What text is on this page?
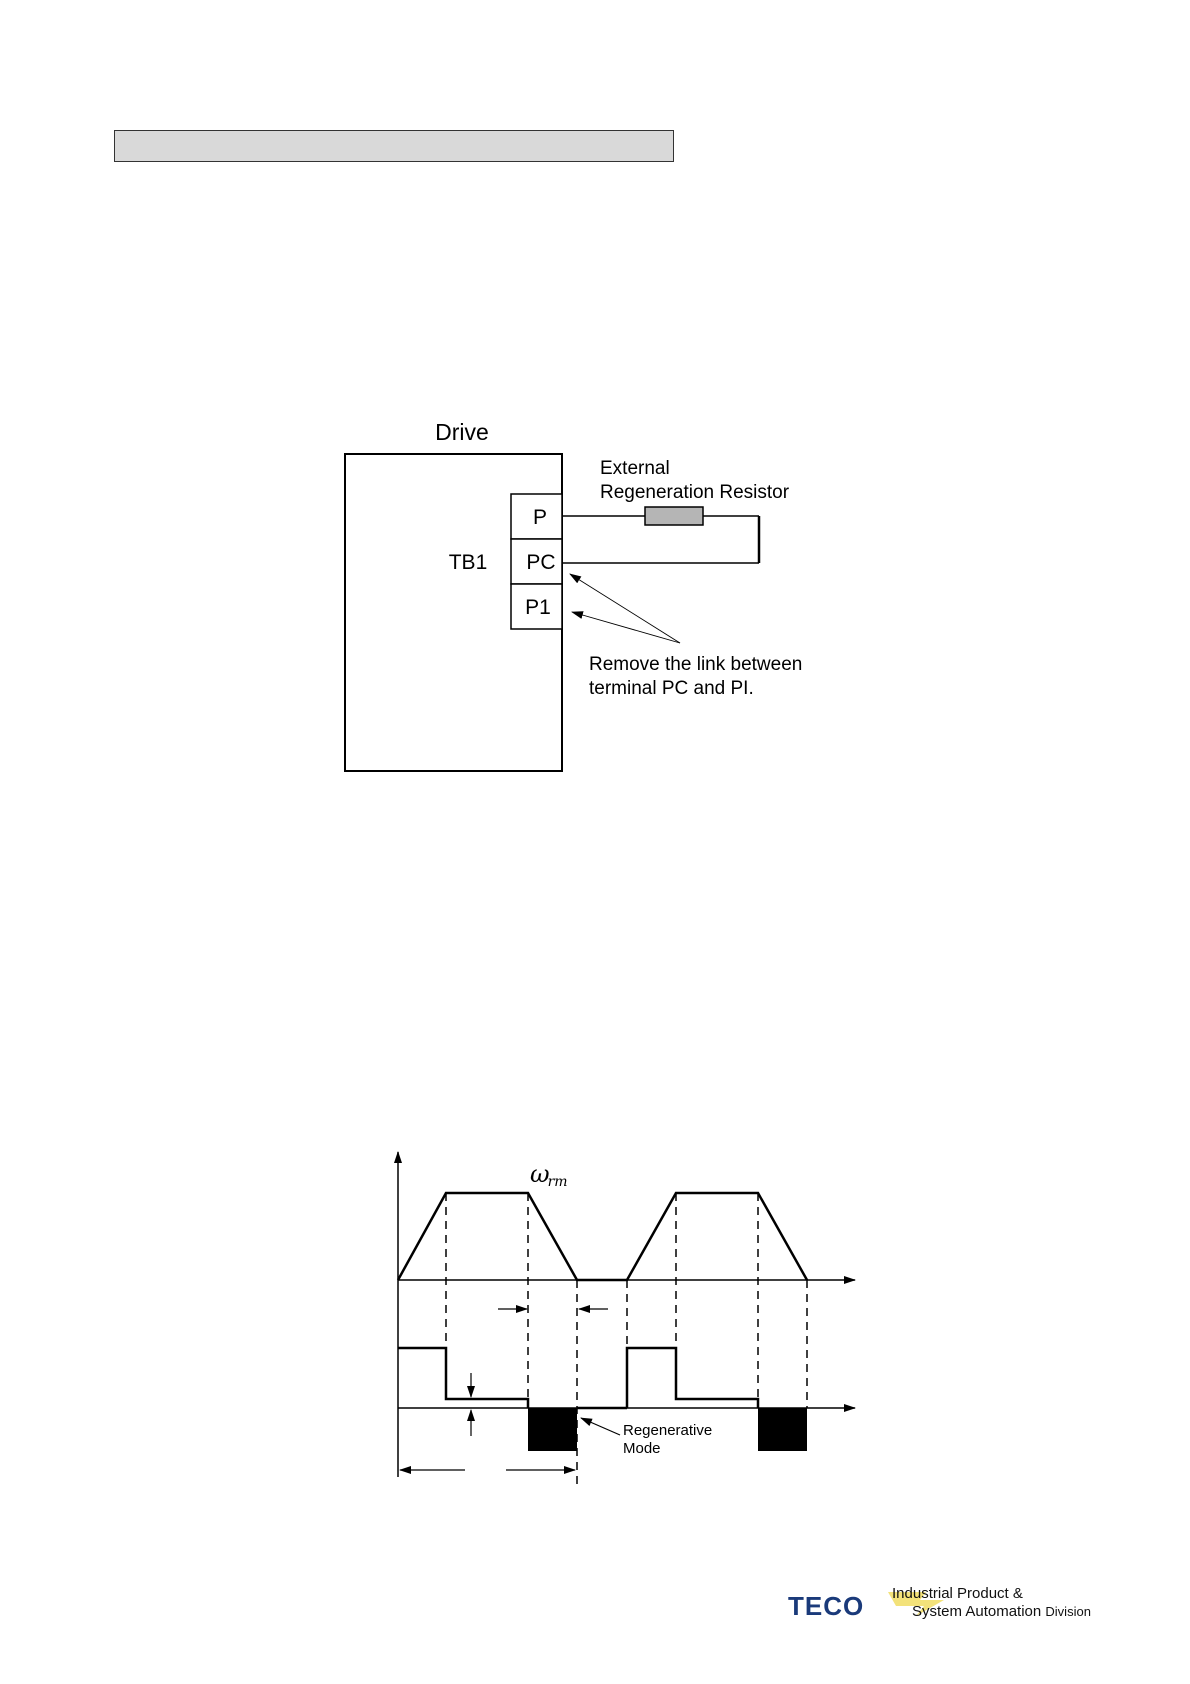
Drive
TB1
P
PC
P1
External
Regeneration Resistor
Remove the link between
terminal PC and PI.
ωrm
Regenerative
Mode
TECO Industrial Product &
System Automation Division
